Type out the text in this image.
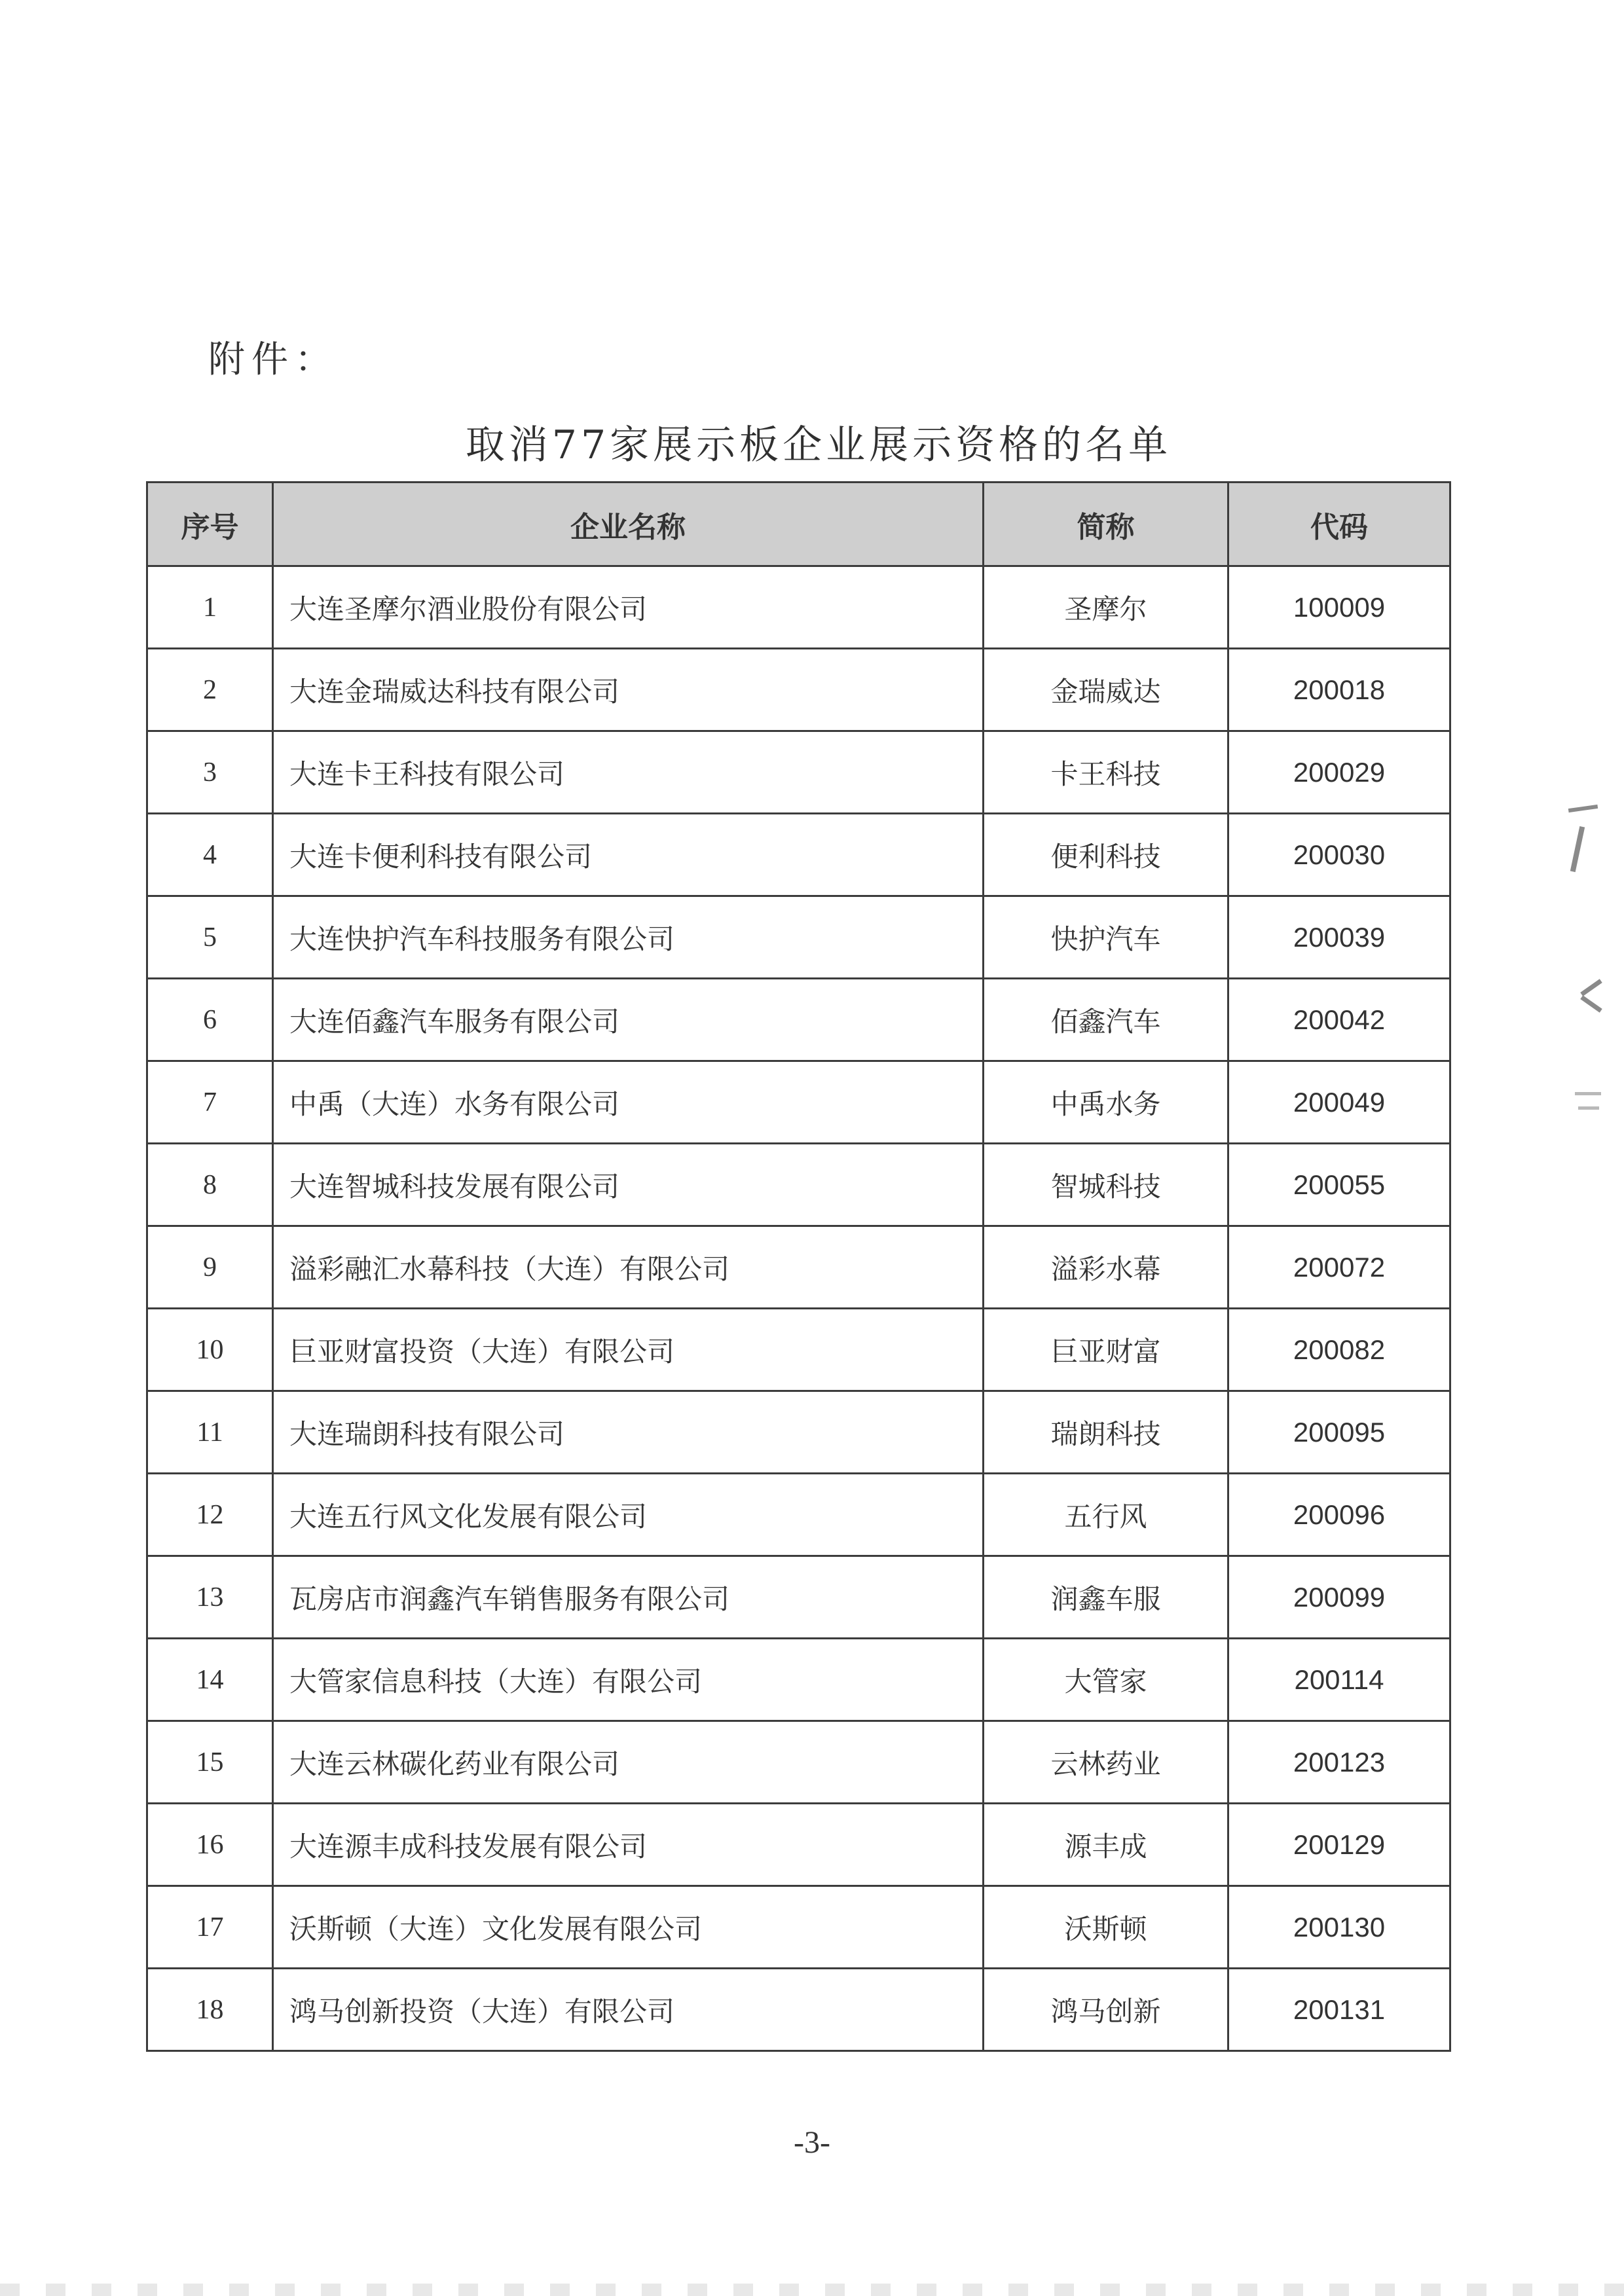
附件：
取消77家展示板企业展示资格的名单
序号	企业名称	简称	代码
1	大连圣摩尔酒业股份有限公司	圣摩尔	100009
2	大连金瑞威达科技有限公司	金瑞威达	200018
3	大连卡王科技有限公司	卡王科技	200029
4	大连卡便利科技有限公司	便利科技	200030
5	大连快护汽车科技服务有限公司	快护汽车	200039
6	大连佰鑫汽车服务有限公司	佰鑫汽车	200042
7	中禹（大连）水务有限公司	中禹水务	200049
8	大连智城科技发展有限公司	智城科技	200055
9	溢彩融汇水幕科技（大连）有限公司	溢彩水幕	200072
10	巨亚财富投资（大连）有限公司	巨亚财富	200082
11	大连瑞朗科技有限公司	瑞朗科技	200095
12	大连五行风文化发展有限公司	五行风	200096
13	瓦房店市润鑫汽车销售服务有限公司	润鑫车服	200099
14	大管家信息科技（大连）有限公司	大管家	200114
15	大连云林碳化药业有限公司	云林药业	200123
16	大连源丰成科技发展有限公司	源丰成	200129
17	沃斯顿（大连）文化发展有限公司	沃斯顿	200130
18	鸿马创新投资（大连）有限公司	鸿马创新	200131
-3-
